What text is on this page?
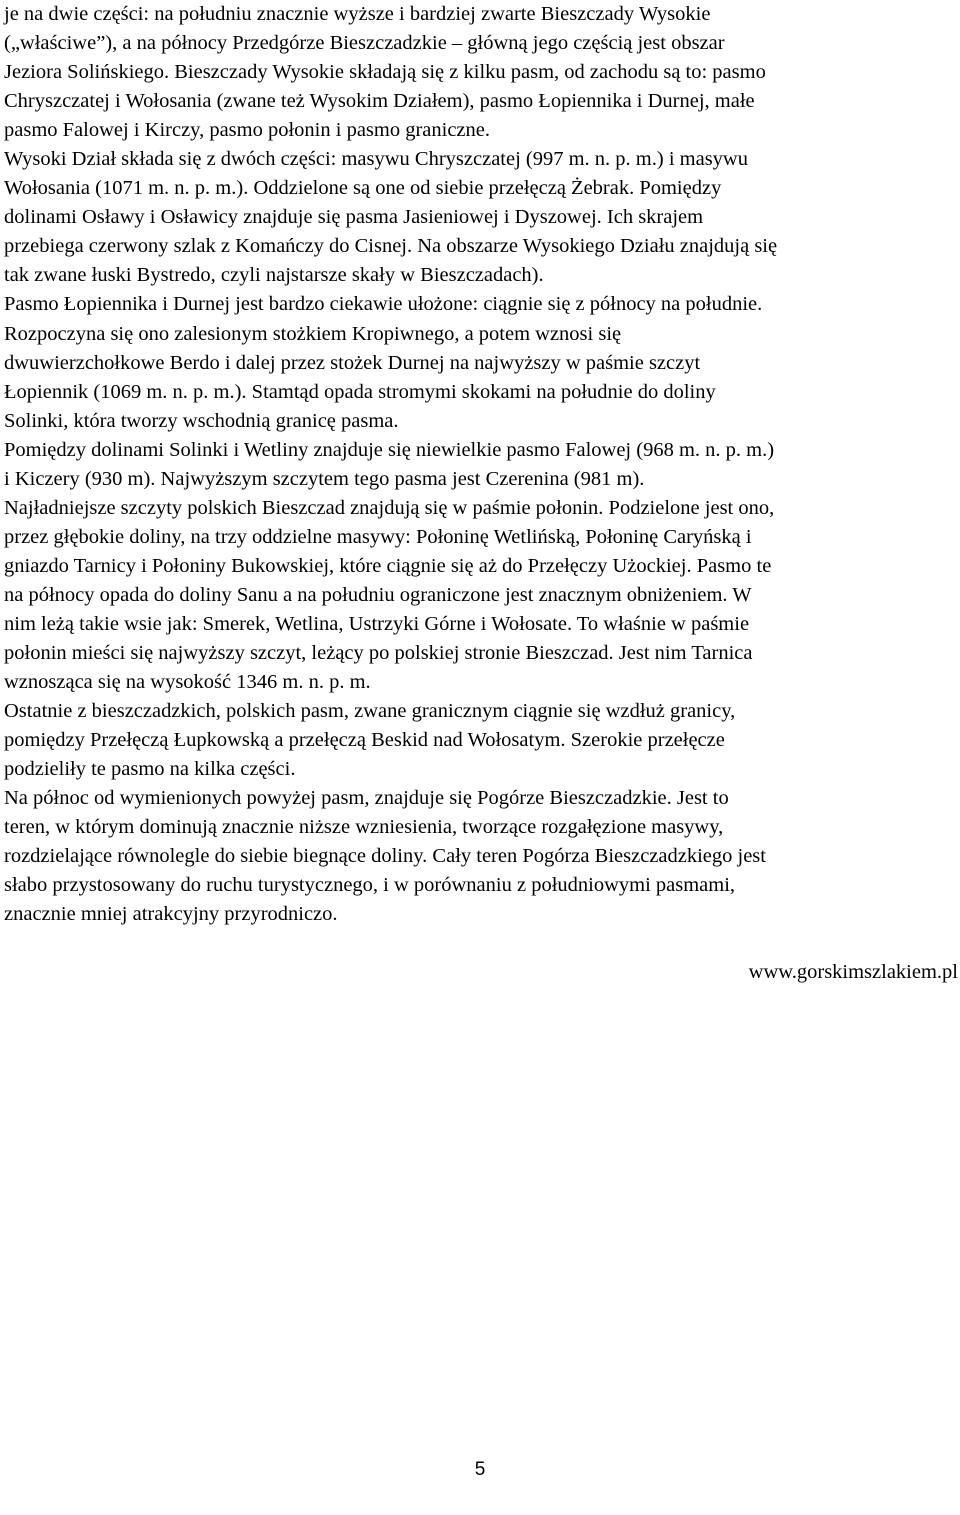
je na dwie części: na południu znacznie wyższe i bardziej zwarte Bieszczady Wysokie
(„właściwe”), a na północy Przedgórze Bieszczadzkie – główną jego częścią jest obszar
Jeziora Solińskiego. Bieszczady Wysokie składają się z kilku pasm, od zachodu są to: pasmo
Chryszczatej i Wołosania (zwane też Wysokim Działem), pasmo Łopiennika i Durnej, małe
pasmo Falowej i Kirczy, pasmo połonin i pasmo graniczne.

Wysoki Dział składa się z dwóch części: masywu Chryszczatej (997 m. n. p. m.) i masywu
Wołosania (1071 m. n. p. m.). Oddzielone są one od siebie przełęczą Żebrak. Pomiędzy
dolinami Osławy i Osławicy znajduje się pasma Jasieniowej i Dyszowej. Ich skrajem
przebiega czerwony szlak z Komańczy do Cisnej. Na obszarze Wysokiego Działu znajdują się
tak zwane łuski Bystredo, czyli najstarsze skały w Bieszczadach).

Pasmo Łopiennika i Durnej jest bardzo ciekawie ułożone: ciągnie się z północy na południe.
Rozpoczyna się ono zalesionym stożkiem Kropiwnego, a potem wznosi się
dwuwierzchołkowe Berdo i dalej przez stożek Durnej na najwyższy w paśmie szczyt
Łopiennik (1069 m. n. p. m.). Stamtąd opada stromymi skokami na południe do doliny
Solinki, która tworzy wschodnią granicę pasma.

Pomiędzy dolinami Solinki i Wetliny znajduje się niewielkie pasmo Falowej (968 m. n. p. m.)
i Kiczery (930 m). Najwyższym szczytem tego pasma jest Czerenina (981 m).

Najładniejsze szczyty polskich Bieszczad znajdują się w paśmie połonin. Podzielone jest ono,
przez głębokie doliny, na trzy oddzielne masywy: Połoninę Wetlińską, Połoninę Caryńską i
gniazdo Tarnicy i Połoniny Bukowskiej, które ciągnie się aż do Przełęczy Użockiej. Pasmo te
na północy opada do doliny Sanu a na południu ograniczone jest znacznym obniżeniem. W
nim leżą takie wsie jak: Smerek, Wetlina, Ustrzyki Górne i Wołosate. To właśnie w paśmie
połonin mieści się najwyższy szczyt, leżący po polskiej stronie Bieszczad. Jest nim Tarnica
wznosząca się na wysokość 1346 m. n. p. m.

Ostatnie z bieszczadzkich, polskich pasm, zwane granicznym ciągnie się wzdłuż granicy,
pomiędzy Przełęczą Łupkowską a przełęczą Beskid nad Wołosatym. Szerokie przełęcze
podzieliły te pasmo na kilka części.

Na północ od wymienionych powyżej pasm, znajduje się Pogórze Bieszczadzkie. Jest to
teren, w którym dominują znacznie niższe wzniesienia, tworzące rozgałęzione masywy,
rozdzielające równolegle do siebie biegnące doliny. Cały teren Pogórza Bieszczadzkiego jest
słabo przystosowany do ruchu turystycznego, i w porównaniu z południowymi pasmami,
znacznie mniej atrakcyjny przyrodniczo.

www.gorskimszlakiem.pl
5
